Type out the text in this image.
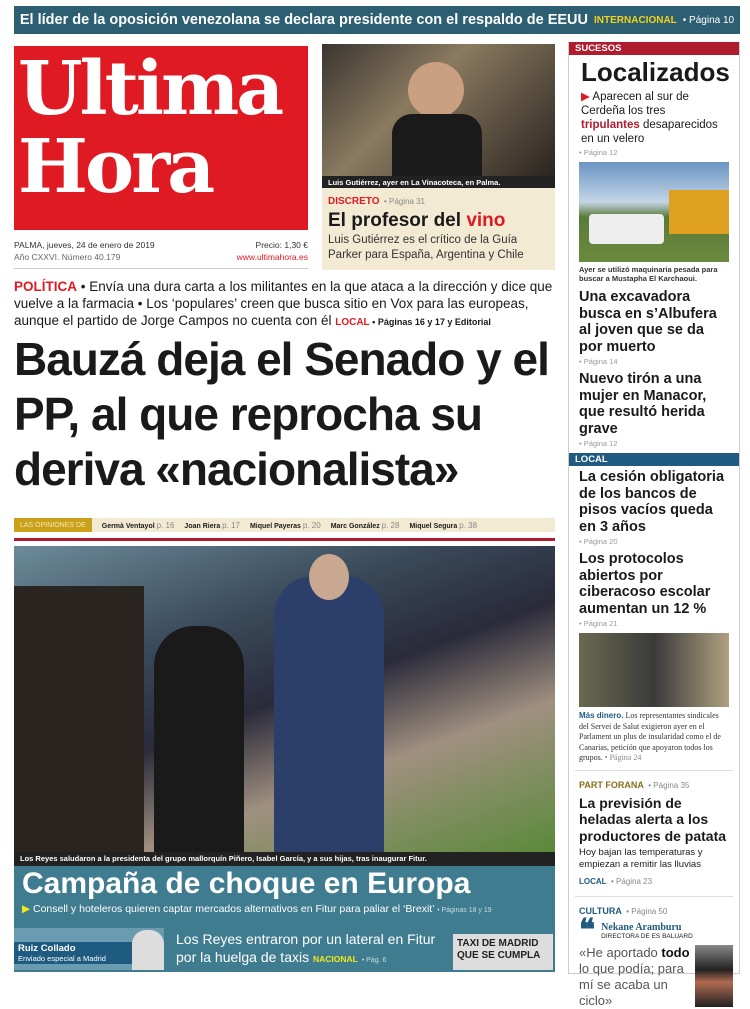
El líder de la oposición venezolana se declara presidente con el respaldo de EEUU INTERNACIONAL • Página 10
Ultima
Hora
PALMA, jueves, 24 de enero de 2019
Año CXXVI. Número 40.179
Precio: 1,30 €
www.ultimahora.es
Luis Gutiérrez, ayer en La Vinacoteca, en Palma.
DISCRETO • Página 31
El profesor del vino
Luis Gutiérrez es el crítico de la Guía Parker para España, Argentina y Chile
POLÍTICA • Envía una dura carta a los militantes en la que ataca a la dirección y dice que vuelve a la farmacia • Los ‘populares’ creen que busca sitio en Vox para las europeas, aunque el partido de Jorge Campos no cuenta con él LOCAL • Páginas 16 y 17 y Editorial
Bauzá deja el Senado y el PP, al que reprocha su deriva «nacionalista»
LAS OPINIONES DE	Germà Ventayol p. 16 Joan Riera p. 17 Miquel Payeras p. 20 Marc González p. 28 Miquel Segura p. 38
Los Reyes saludaron a la presidenta del grupo mallorquín Piñero, Isabel García, y a sus hijas, tras inaugurar Fitur.
Campaña de choque en Europa
▶ Consell y hoteleros quieren captar mercados alternativos en Fitur para paliar el ‘Brexit’ • Páginas 18 y 19
Ruiz Collado
Enviado especial a Madrid
Los Reyes entraron por un lateral en Fitur por la huelga de taxis NACIONAL • Pág. 6
TAXI DE MADRID QUE SE CUMPLA
SUCESOS
Localizados
▶ Aparecen al sur de Cerdeña los tres tripulantes desaparecidos en un velero
• Página 12
Ayer se utilizó maquinaria pesada para buscar a Mustapha El Karchaoui.
Una excavadora busca en s’Albufera al joven que se da por muerto
• Página 14
Nuevo tirón a una mujer en Manacor, que resultó herida grave
• Página 12
LOCAL
La cesión obligatoria de los bancos de pisos vacíos queda en 3 años
• Página 20
Los protocolos abiertos por ciberacoso escolar aumentan un 12 %
• Página 21
Más dinero. Los representantes sindicales del Servei de Salut exigieron ayer en el Parlament un plus de insularidad como el de Canarias, petición que apoyaron todos los grupos. • Página 24
PART FORANA • Página 35
La previsión de heladas alerta a los productores de patata
Hoy bajan las temperaturas y empiezan a remitir las lluvias
LOCAL • Página 23
CULTURA • Página 50
❝ Nekane Aramburu
DIRECTORA DE ES BALUARD
«He aportado todo lo que podía; para mí se acaba un ciclo»
